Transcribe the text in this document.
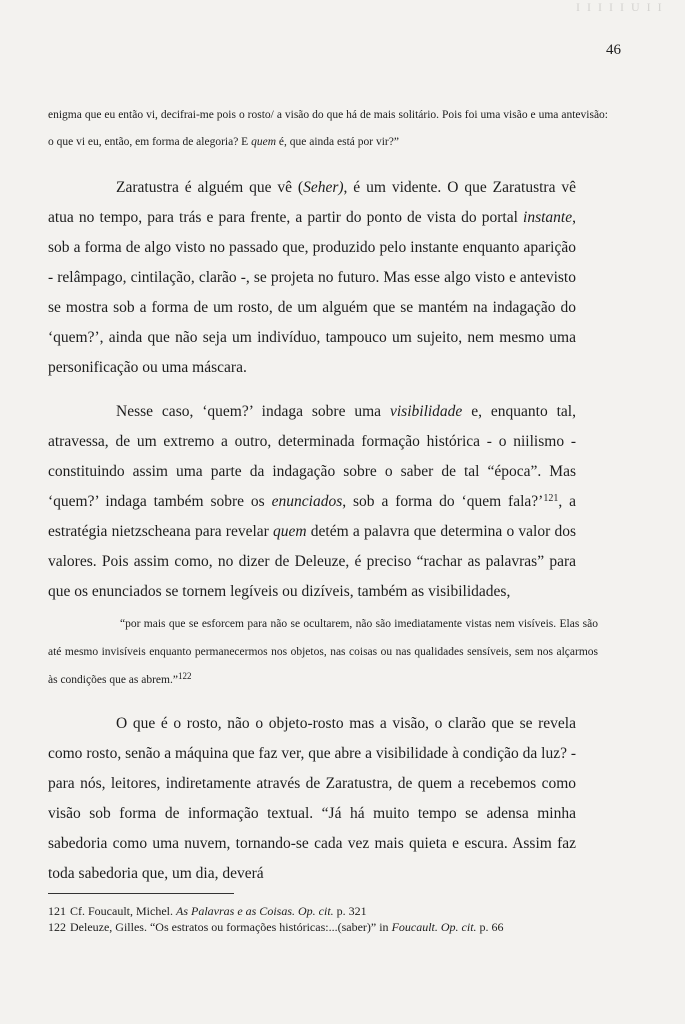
I I I I I U I I
46
enigma que eu então vi, decifrai-me pois o rosto/ a visão do que há de mais solitário. Pois foi uma visão e uma antevisão: o que vi eu, então, em forma de alegoria? E quem é, que ainda está por vir?”

Zaratustra é alguém que vê (Seher), é um vidente. O que Zaratustra vê atua no tempo, para trás e para frente, a partir do ponto de vista do portal instante, sob a forma de algo visto no passado que, produzido pelo instante enquanto aparição - relâmpago, cintilação, clarão -, se projeta no futuro. Mas esse algo visto e antevisto se mostra sob a forma de um rosto, de um alguém que se mantém na indagação do ‘quem?’, ainda que não seja um indivíduo, tampouco um sujeito, nem mesmo uma personificação ou uma máscara.

Nesse caso, ‘quem?’ indaga sobre uma visibilidade e, enquanto tal, atravessa, de um extremo a outro, determinada formação histórica - o niilismo - constituindo assim uma parte da indagação sobre o saber de tal “época”. Mas ‘quem?’ indaga também sobre os enunciados, sob a forma do ‘quem fala?’$^{121}$, a estratégia nietzscheana para revelar quem detém a palavra que determina o valor dos valores. Pois assim como, no dizer de Deleuze, é preciso “rachar as palavras” para que os enunciados se tornem legíveis ou dizíveis, também as visibilidades,

“por mais que se esforcem para não se ocultarem, não são imediatamente vistas nem visíveis. Elas são até mesmo invisíveis enquanto permanecermos nos objetos, nas coisas ou nas qualidades sensíveis, sem nos alçarmos às condições que as abrem.”$^{122}$

O que é o rosto, não o objeto-rosto mas a visão, o clarão que se revela como rosto, senão a máquina que faz ver, que abre a visibilidade à condição da luz? - para nós, leitores, indiretamente através de Zaratustra, de quem a recebemos como visão sob forma de informação textual. “Já há muito tempo se adensa minha sabedoria como uma nuvem, tornando-se cada vez mais quieta e escura. Assim faz toda sabedoria que, um dia, deverá

121 Cf. Foucault, Michel. As Palavras e as Coisas. Op. cit. p. 321
122 Deleuze, Gilles. “Os estratos ou formações históricas:...(saber)” in Foucault. Op. cit. p. 66
